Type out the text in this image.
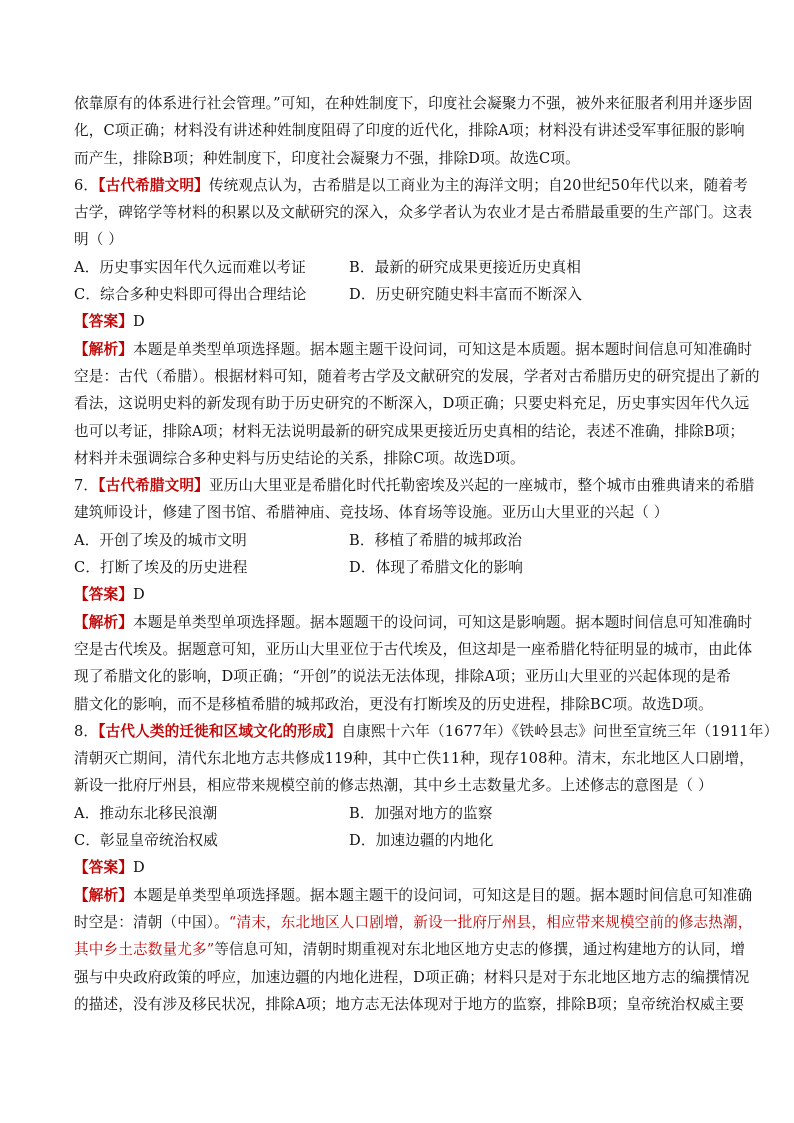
依靠原有的体系进行社会管理。”可知，在种姓制度下，印度社会凝聚力不强，被外来征服者利用并逐步固
化，C项正确；材料没有讲述种姓制度阻碍了印度的近代化，排除A项；材料没有讲述受军事征服的影响
而产生，排除B项；种姓制度下，印度社会凝聚力不强，排除D项。故选C项。
6．【古代希腊文明】传统观点认为，古希腊是以工商业为主的海洋文明；自20世纪50年代以来，随着考
古学，碑铭学等材料的积累以及文献研究的深入，众多学者认为农业才是古希腊最重要的生产部门。这表
明（ ）
A．历史事实因年代久远而难以考证	B．最新的研究成果更接近历史真相
C．综合多种史料即可得出合理结论	D．历史研究随史料丰富而不断深入
【答案】D
【解析】本题是单类型单项选择题。据本题主题干设问词，可知这是本质题。据本题时间信息可知准确时
空是：古代（希腊）。根据材料可知，随着考古学及文献研究的发展，学者对古希腊历史的研究提出了新的
看法，这说明史料的新发现有助于历史研究的不断深入，D项正确；只要史料充足，历史事实因年代久远
也可以考证，排除A项；材料无法说明最新的研究成果更接近历史真相的结论，表述不准确，排除B项；
材料并未强调综合多种史料与历史结论的关系，排除C项。故选D项。
7．【古代希腊文明】亚历山大里亚是希腊化时代托勒密埃及兴起的一座城市，整个城市由雅典请来的希腊
建筑师设计，修建了图书馆、希腊神庙、竞技场、体育场等设施。亚历山大里亚的兴起（ ）
A．开创了埃及的城市文明	B．移植了希腊的城邦政治
C．打断了埃及的历史进程	D．体现了希腊文化的影响
【答案】D
【解析】本题是单类型单项选择题。据本题题干的设问词，可知这是影响题。据本题时间信息可知准确时
空是古代埃及。据题意可知，亚历山大里亚位于古代埃及，但这却是一座希腊化特征明显的城市，由此体
现了希腊文化的影响，D项正确；“开创”的说法无法体现，排除A项；亚历山大里亚的兴起体现的是希
腊文化的影响，而不是移植希腊的城邦政治，更没有打断埃及的历史进程，排除BC项。故选D项。
8．【古代人类的迁徙和区域文化的形成】自康熙十六年（1677年）《铁岭县志》问世至宣统三年（1911年）
清朝灭亡期间，清代东北地方志共修成119种，其中亡佚11种，现存108种。清末，东北地区人口剧增，
新设一批府厅州县，相应带来规模空前的修志热潮，其中乡土志数量尤多。上述修志的意图是（ ）
A．推动东北移民浪潮	B．加强对地方的监察
C．彰显皇帝统治权威	D．加速边疆的内地化
【答案】D
【解析】本题是单类型单项选择题。据本题主题干的设问词，可知这是目的题。据本题时间信息可知准确
时空是：清朝（中国）。“清末，东北地区人口剧增，新设一批府厅州县，相应带来规模空前的修志热潮，
其中乡土志数量尤多”等信息可知，清朝时期重视对东北地区地方史志的修撰，通过构建地方的认同，增
强与中央政府政策的呼应，加速边疆的内地化进程，D项正确；材料只是对于东北地区地方志的编撰情况
的描述，没有涉及移民状况，排除A项；地方志无法体现对于地方的监察，排除B项；皇帝统治权威主要
